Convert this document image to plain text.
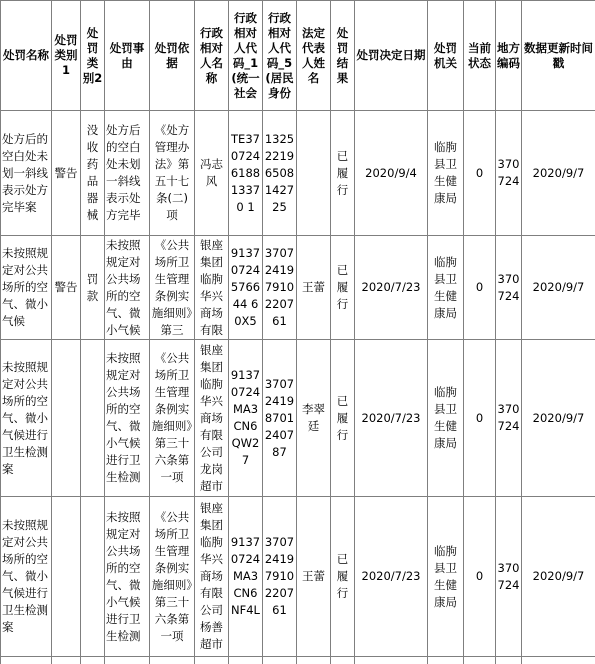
处罚名称	处罚类别1	处罚类别2	处罚事由	处罚依据	行政相对人名称	行政相对人代码_1(统一社会	行政相对人代码_5(居民身份	法定代表人姓名	处罚结果	处罚决定日期	处罚机关	当前状态	地方编码	数据更新时间戳
处方后的空白处未划一斜线表示处方完毕案	警告	没收药品器械	处方后的空白处未划一斜线表示处方完毕	《处方管理办法》第五十七条(二)项	冯志风	TE370724618813370 1	132522196508142725		已履行	2020/9/4	临朐县卫生健康局	0	370724	2020/9/7
未按照规定对公共场所的空气、微小气候	警告	罚款	未按照规定对公共场所的空气、微小气候	《公共场所卫生管理条例实施细则》第三	银座集团临朐华兴商场有限	91370724576644 60X5	370724197910220761	王蕾	已履行	2020/7/23	临朐县卫生健康局	0	370724	2020/9/7
未按照规定对公共场所的空气、微小气候进行卫生检测案			未按照规定对公共场所的空气、微小气候进行卫生检测	《公共场所卫生管理条例实施细则》第三十六条第一项	银座集团临朐华兴商场有限公司龙岗超市	91370724MA3CN6QW27	370724198701240787	李翠廷	已履行	2020/7/23	临朐县卫生健康局	0	370724	2020/9/7
未按照规定对公共场所的空气、微小气候进行卫生检测案			未按照规定对公共场所的空气、微小气候进行卫生检测	《公共场所卫生管理条例实施细则》第三十六条第一项	银座集团临朐华兴商场有限公司杨善超市	91370724MA3CN6NF4L	370724197910220761	王蕾	已履行	2020/7/23	临朐县卫生健康局	0	370724	2020/9/7
